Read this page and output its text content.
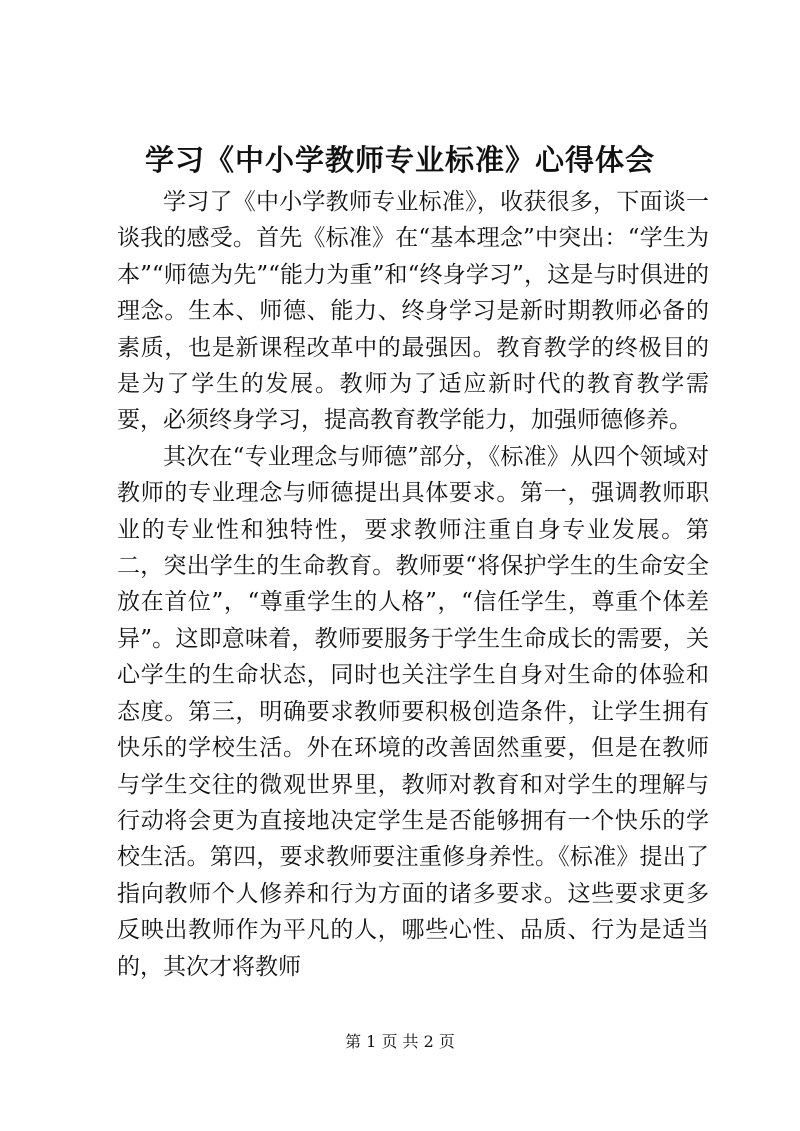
学习《中小学教师专业标准》心得体会

学习了《中小学教师专业标准》，收获很多，下面谈一谈我的感受。首先《标准》在“基本理念”中突出：“学生为本”“师德为先”“能力为重”和“终身学习”，这是与时俱进的理念。生本、师德、能力、终身学习是新时期教师必备的素质，也是新课程改革中的最强因。教育教学的终极目的是为了学生的发展。教师为了适应新时代的教育教学需要，必须终身学习，提高教育教学能力，加强师德修养。

其次在“专业理念与师德”部分，《标准》从四个领域对教师的专业理念与师德提出具体要求。第一，强调教师职业的专业性和独特性，要求教师注重自身专业发展。第二，突出学生的生命教育。教师要“将保护学生的生命安全放在首位”，“尊重学生的人格”，“信任学生，尊重个体差异”。这即意味着，教师要服务于学生生命成长的需要，关心学生的生命状态，同时也关注学生自身对生命的体验和态度。第三，明确要求教师要积极创造条件，让学生拥有快乐的学校生活。外在环境的改善固然重要，但是在教师与学生交往的微观世界里，教师对教育和对学生的理解与行动将会更为直接地决定学生是否能够拥有一个快乐的学校生活。第四，要求教师要注重修身养性。《标准》提出了指向教师个人修养和行为方面的诸多要求。这些要求更多反映出教师作为平凡的人，哪些心性、品质、行为是适当的，其次才将教师

第 1 页 共 2 页
